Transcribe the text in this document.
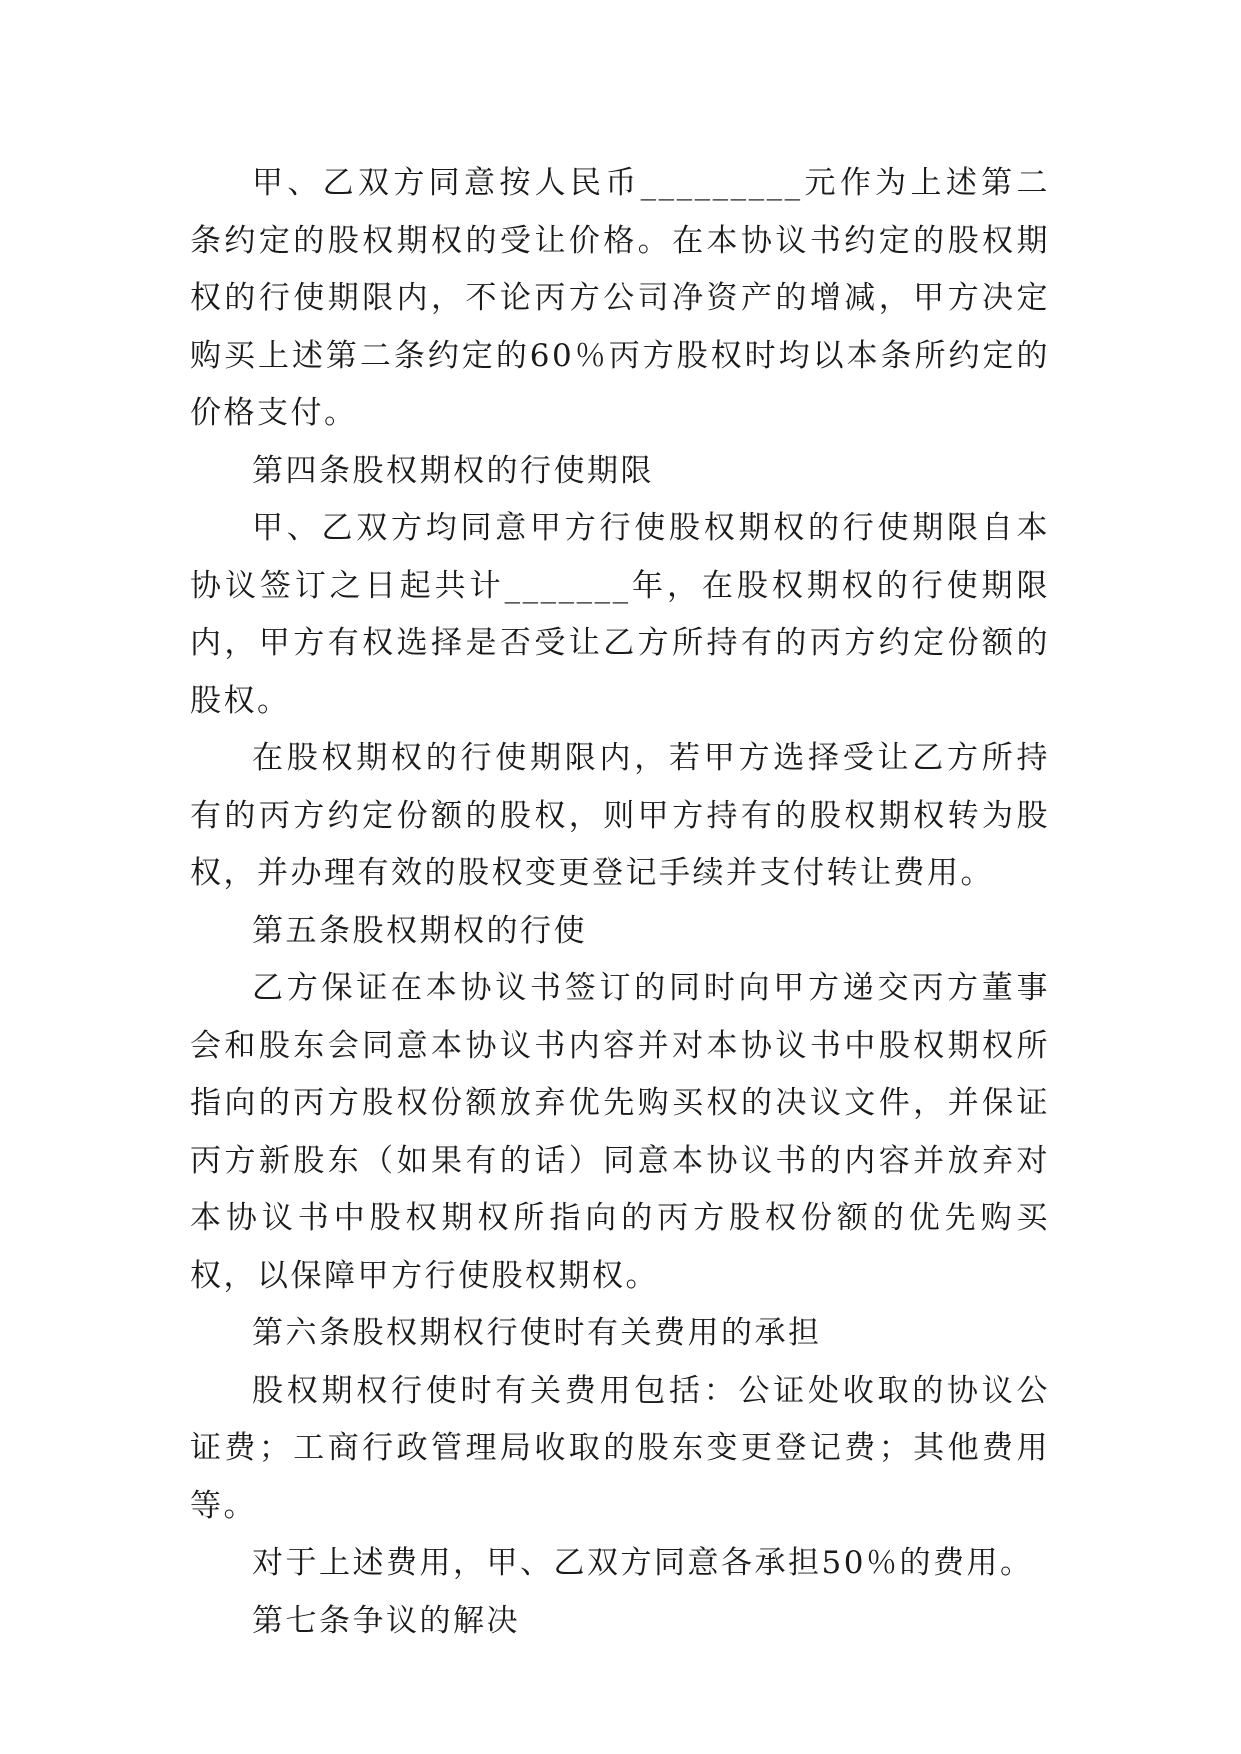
甲、乙双方同意按人民币_________元作为上述第二条约定的股权期权的受让价格。在本协议书约定的股权期权的行使期限内，不论丙方公司净资产的增减，甲方决定购买上述第二条约定的60％丙方股权时均以本条所约定的价格支付。

第四条股权期权的行使期限

甲、乙双方均同意甲方行使股权期权的行使期限自本协议签订之日起共计_______年，在股权期权的行使期限内，甲方有权选择是否受让乙方所持有的丙方约定份额的股权。

在股权期权的行使期限内，若甲方选择受让乙方所持有的丙方约定份额的股权，则甲方持有的股权期权转为股权，并办理有效的股权变更登记手续并支付转让费用。

第五条股权期权的行使

乙方保证在本协议书签订的同时向甲方递交丙方董事会和股东会同意本协议书内容并对本协议书中股权期权所指向的丙方股权份额放弃优先购买权的决议文件，并保证丙方新股东（如果有的话）同意本协议书的内容并放弃对本协议书中股权期权所指向的丙方股权份额的优先购买权，以保障甲方行使股权期权。

第六条股权期权行使时有关费用的承担

股权期权行使时有关费用包括：公证处收取的协议公证费；工商行政管理局收取的股东变更登记费；其他费用等。

对于上述费用，甲、乙双方同意各承担50％的费用。

第七条争议的解决
